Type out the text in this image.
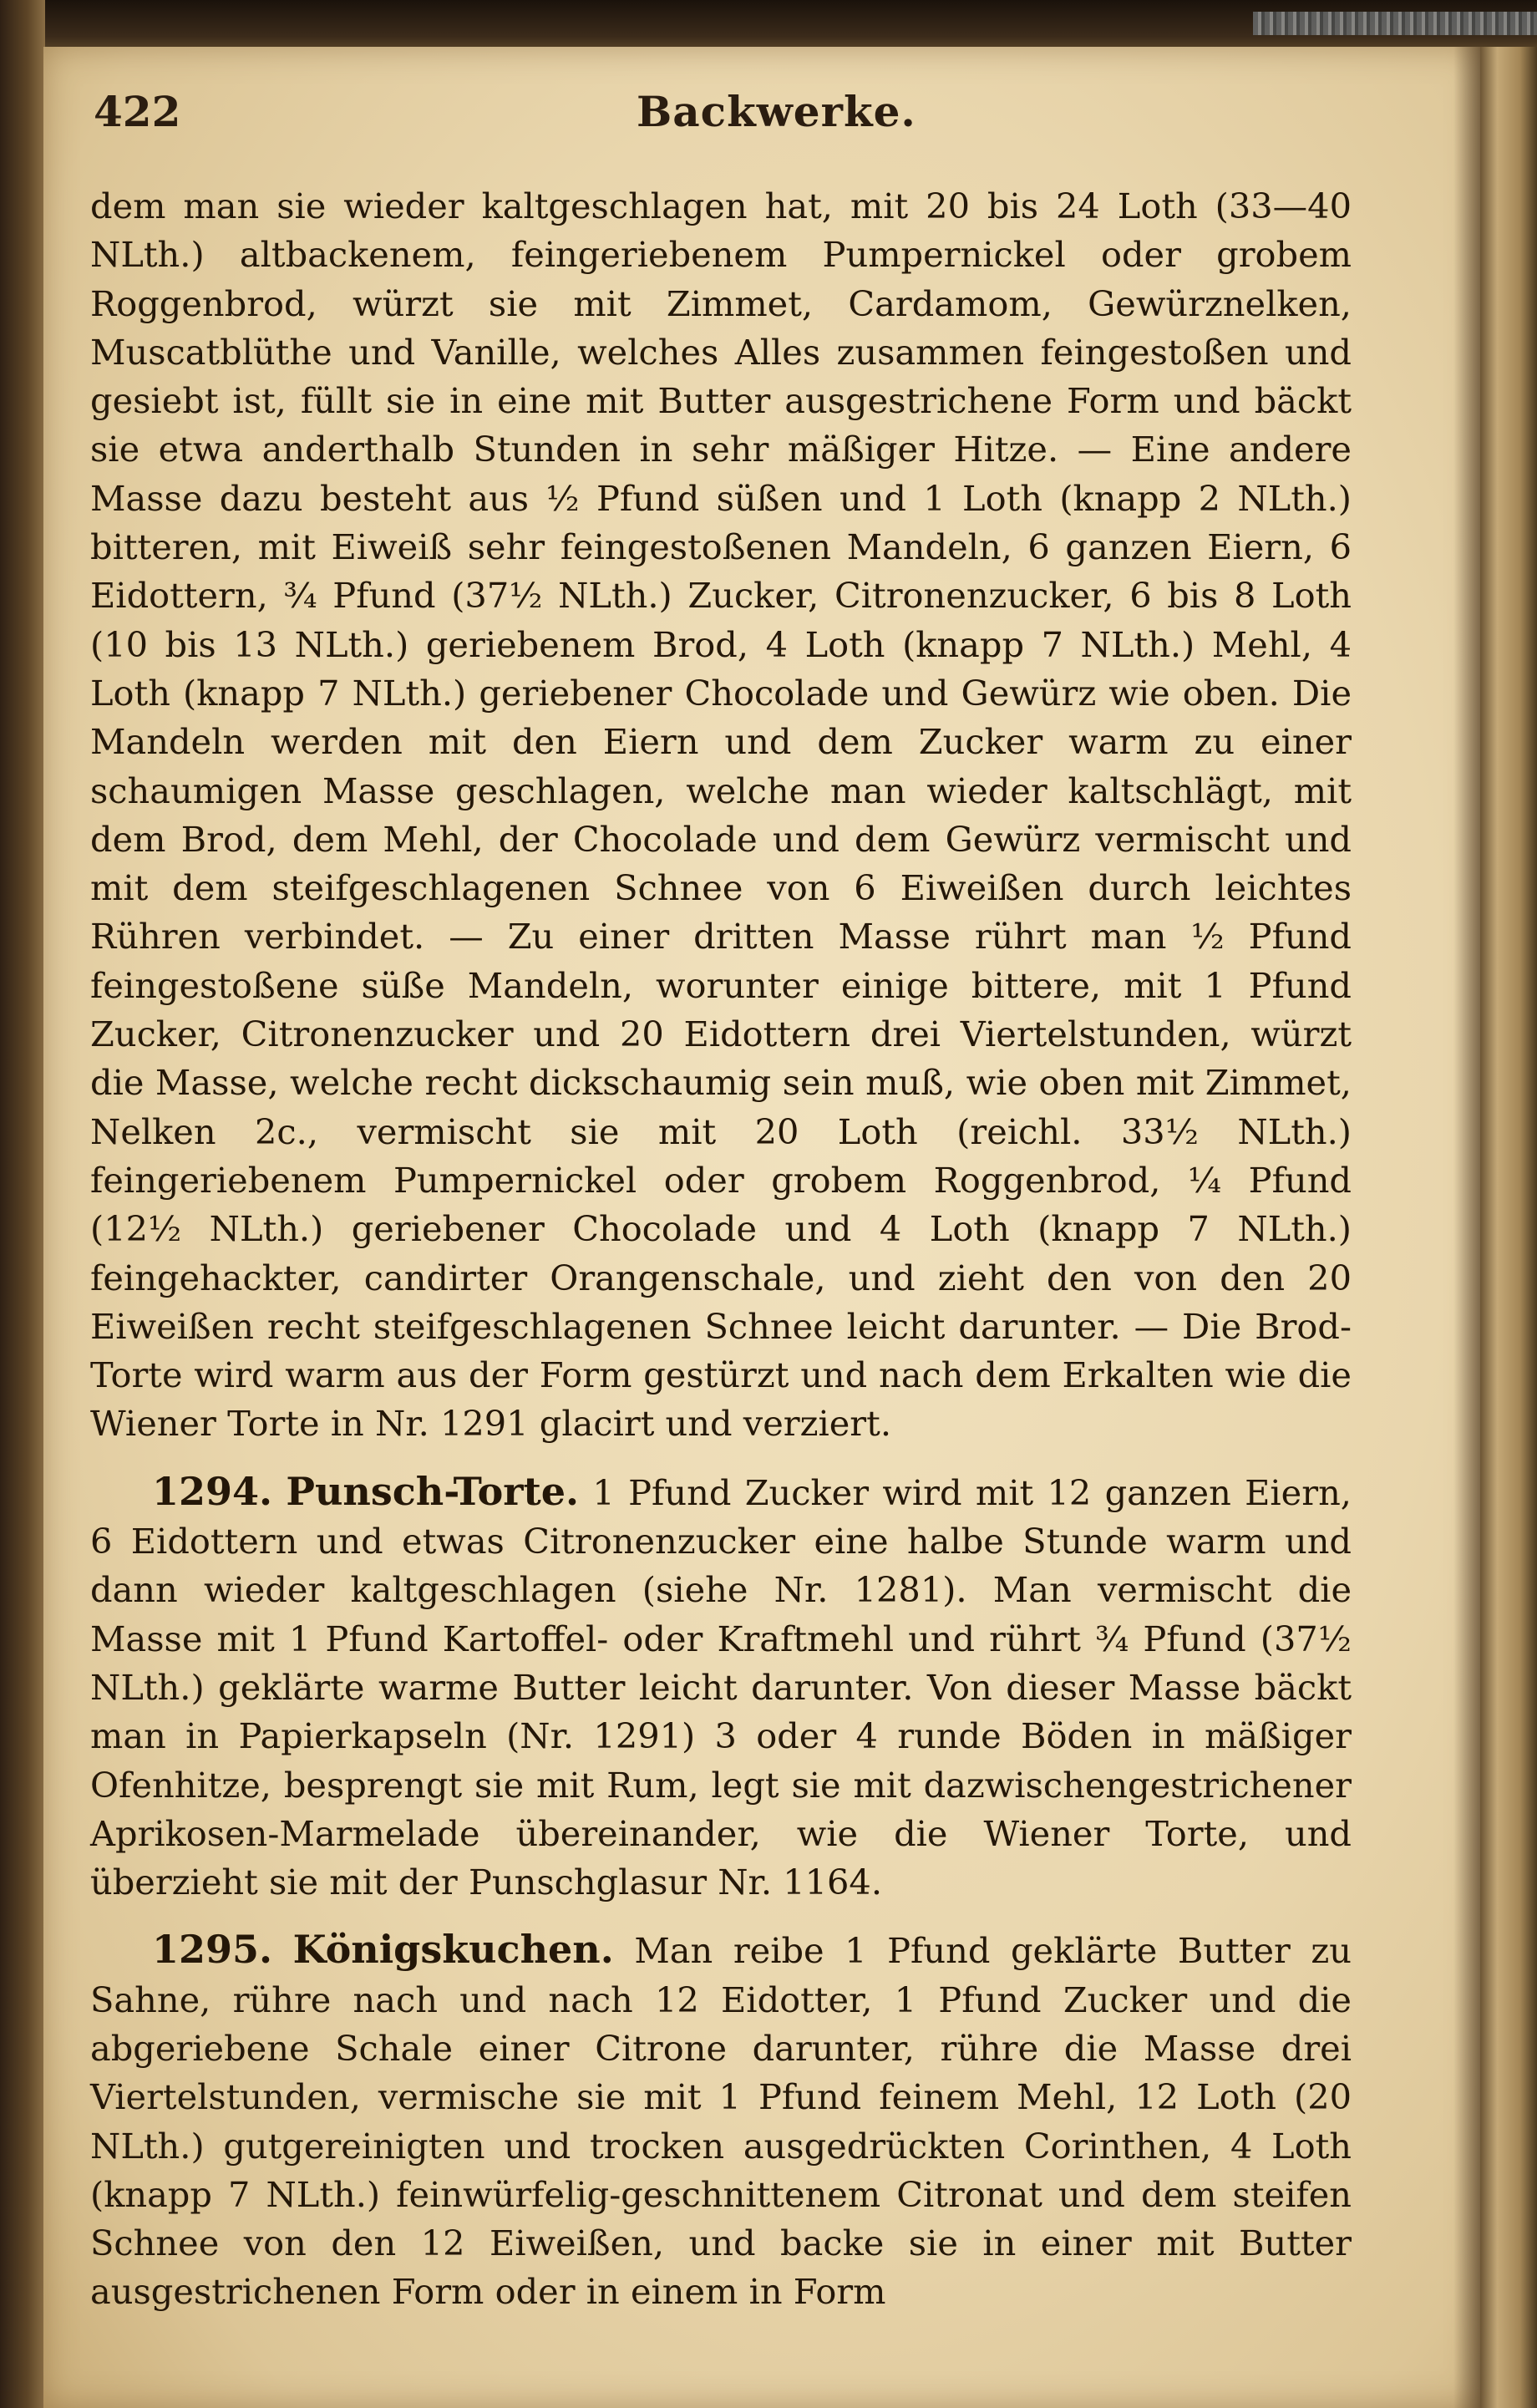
422	Backwerke.

dem man sie wieder kaltgeschlagen hat, mit 20 bis 24 Loth (33—40 NLth.) altbackenem, feingeriebenem Pumpernickel oder grobem Roggenbrod, würzt sie mit Zimmet, Cardamom, Gewürznelken, Muscatblüthe und Vanille, welches Alles zusammen feingestoßen und gesiebt ist, füllt sie in eine mit Butter ausgestrichene Form und bäckt sie etwa anderthalb Stunden in sehr mäßiger Hitze. — Eine andere Masse dazu besteht aus ½ Pfund süßen und 1 Loth (knapp 2 NLth.) bitteren, mit Eiweiß sehr feingestoßenen Mandeln, 6 ganzen Eiern, 6 Eidottern, ¾ Pfund (37½ NLth.) Zucker, Citronenzucker, 6 bis 8 Loth (10 bis 13 NLth.) geriebenem Brod, 4 Loth (knapp 7 NLth.) Mehl, 4 Loth (knapp 7 NLth.) geriebener Chocolade und Gewürz wie oben. Die Mandeln werden mit den Eiern und dem Zucker warm zu einer schaumigen Masse geschlagen, welche man wieder kaltschlägt, mit dem Brod, dem Mehl, der Chocolade und dem Gewürz vermischt und mit dem steifgeschlagenen Schnee von 6 Eiweißen durch leichtes Rühren verbindet. — Zu einer dritten Masse rührt man ½ Pfund feingestoßene süße Mandeln, worunter einige bittere, mit 1 Pfund Zucker, Citronenzucker und 20 Eidottern drei Viertelstunden, würzt die Masse, welche recht dickschaumig sein muß, wie oben mit Zimmet, Nelken 2c., vermischt sie mit 20 Loth (reichl. 33½ NLth.) feingeriebenem Pumpernickel oder grobem Roggenbrod, ¼ Pfund (12½ NLth.) geriebener Chocolade und 4 Loth (knapp 7 NLth.) feingehackter, candirter Orangenschale, und zieht den von den 20 Eiweißen recht steifgeschlagenen Schnee leicht darunter. — Die Brod-Torte wird warm aus der Form gestürzt und nach dem Erkalten wie die Wiener Torte in Nr. 1291 glacirt und verziert.

1294. Punsch-Torte. 1 Pfund Zucker wird mit 12 ganzen Eiern, 6 Eidottern und etwas Citronenzucker eine halbe Stunde warm und dann wieder kaltgeschlagen (siehe Nr. 1281). Man vermischt die Masse mit 1 Pfund Kartoffel- oder Kraftmehl und rührt ¾ Pfund (37½ NLth.) geklärte warme Butter leicht darunter. Von dieser Masse bäckt man in Papierkapseln (Nr. 1291) 3 oder 4 runde Böden in mäßiger Ofenhitze, besprengt sie mit Rum, legt sie mit dazwischengestrichener Aprikosen-Marmelade übereinander, wie die Wiener Torte, und überzieht sie mit der Punschglasur Nr. 1164.

1295. Königskuchen. Man reibe 1 Pfund geklärte Butter zu Sahne, rühre nach und nach 12 Eidotter, 1 Pfund Zucker und die abgeriebene Schale einer Citrone darunter, rühre die Masse drei Viertelstunden, vermische sie mit 1 Pfund feinem Mehl, 12 Loth (20 NLth.) gutgereinigten und trocken ausgedrückten Corinthen, 4 Loth (knapp 7 NLth.) feinwürfelig-geschnittenem Citronat und dem steifen Schnee von den 12 Eiweißen, und backe sie in einer mit Butter ausgestrichenen Form oder in einem in Form
